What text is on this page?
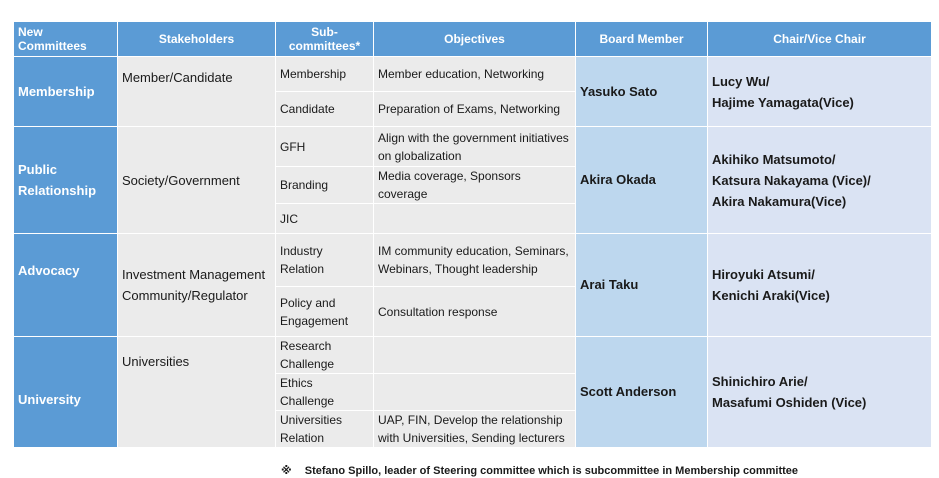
New Committees	Stakeholders	Sub-committees*	Objectives	Board Member	Chair/Vice Chair
Membership	Member/Candidate	Membership	Member education, Networking	Yasuko Sato	Lucy Wu/
Hajime Yamagata(Vice)

		Candidate	Preparation of Exams, Networking		
Public Relationship	Society/Government	GFH	Align with the government initiatives on globalization	Akira Okada	Akihiko Matsumoto/
Katsura Nakayama (Vice)/
Akira Nakamura(Vice)

		Branding	Media coverage, Sponsors coverage		
		JIC			
Advocacy	Investment Management Community/Regulator	Industry Relation	IM community education, Seminars, Webinars, Thought leadership	Arai Taku	Hiroyuki Atsumi/
Kenichi Araki(Vice)

		Policy and Engagement	Consultation response		
University	Universities	Research Challenge		Scott Anderson	Shinichiro Arie/
Masafumi Oshiden (Vice)

		Ethics Challenge			
		Universities Relation	UAP, FIN, Develop the relationship with Universities, Sending lecturers		
※ Stefano Spillo, leader of Steering committee which is subcommittee in Membership committee
